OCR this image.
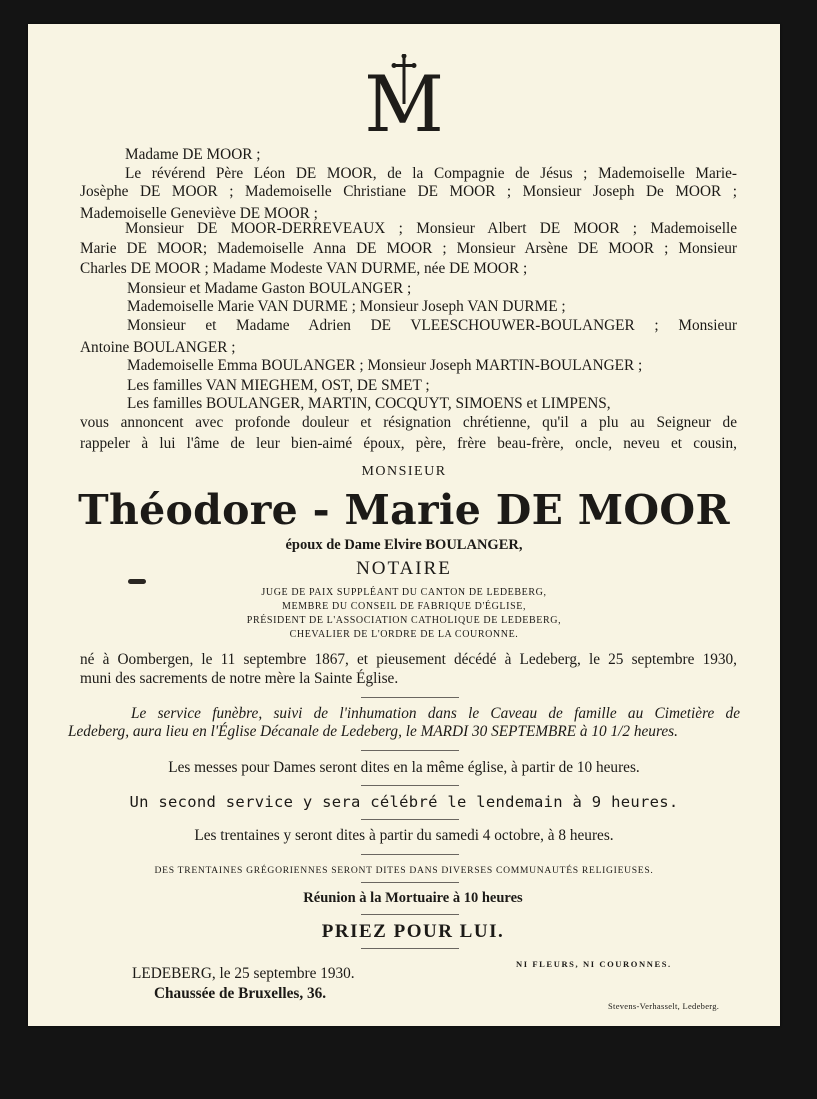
M
Madame DE MOOR ;
Le révérend Père Léon DE MOOR, de la Compagnie de Jésus ; Mademoiselle Marie-
Josèphe DE MOOR ; Mademoiselle Christiane DE MOOR ; Monsieur Joseph De MOOR ;
Mademoiselle Geneviève DE MOOR ;
Monsieur DE MOOR-DERREVEAUX ; Monsieur Albert DE MOOR ; Mademoiselle
Marie DE MOOR; Mademoiselle Anna DE MOOR ; Monsieur Arsène DE MOOR ; Monsieur
Charles DE MOOR ; Madame Modeste VAN DURME, née DE MOOR ;
Monsieur et Madame Gaston BOULANGER ;
Mademoiselle Marie VAN DURME ; Monsieur Joseph VAN DURME ;
Monsieur et Madame Adrien DE VLEESCHOUWER-BOULANGER ; Monsieur
Antoine BOULANGER ;
Mademoiselle Emma BOULANGER ; Monsieur Joseph MARTIN-BOULANGER ;
Les familles VAN MIEGHEM, OST, DE SMET ;
Les familles BOULANGER, MARTIN, COCQUYT, SIMOENS et LIMPENS,
vous annoncent avec profonde douleur et résignation chrétienne, qu'il a plu au Seigneur de
rappeler à lui l'âme de leur bien-aimé époux, père, frère beau-frère, oncle, neveu et cousin,
MONSIEUR
Théodore - Marie DE MOOR
époux de Dame Elvire BOULANGER,
NOTAIRE
JUGE DE PAIX SUPPLÉANT DU CANTON DE LEDEBERG,
MEMBRE DU CONSEIL DE FABRIQUE D'ÉGLISE,
PRÉSIDENT DE L'ASSOCIATION CATHOLIQUE DE LEDEBERG,
CHEVALIER DE L'ORDRE DE LA COURONNE.
né à Oombergen, le 11 septembre 1867, et pieusement décédé à Ledeberg, le 25 septembre 1930,
muni des sacrements de notre mère la Sainte Église.
Le service funèbre, suivi de l'inhumation dans le Caveau de famille au Cimetière de
Ledeberg, aura lieu en l'Église Décanale de Ledeberg, le MARDI 30 SEPTEMBRE à 10 1/2 heures.
Les messes pour Dames seront dites en la même église, à partir de 10 heures.
Un second service y sera célébré le lendemain à 9 heures.
Les trentaines y seront dites à partir du samedi 4 octobre, à 8 heures.
DES TRENTAINES GRÉGORIENNES SERONT DITES DANS DIVERSES COMMUNAUTÉS RELIGIEUSES.
Réunion à la Mortuaire à 10 heures
PRIEZ POUR LUI.
NI FLEURS, NI COURONNES.
LEDEBERG, le 25 septembre 1930.
Chaussée de Bruxelles, 36.
Stevens-Verhasselt, Ledeberg.
